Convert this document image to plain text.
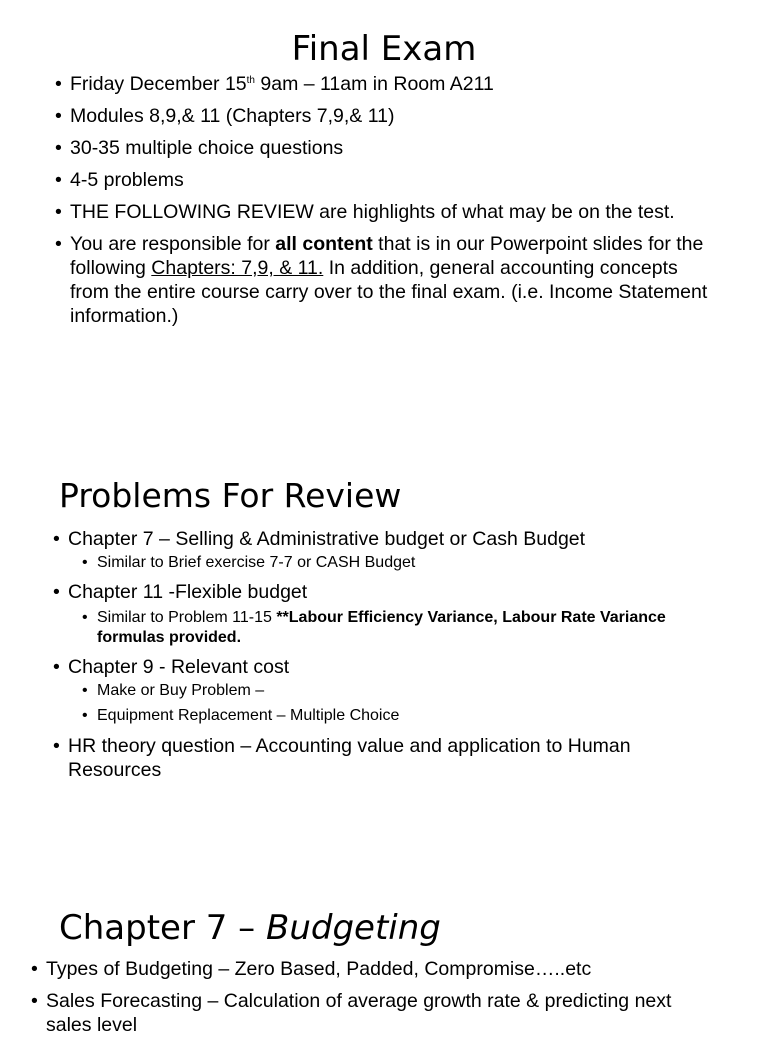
Final Exam
• Friday December 15th 9am – 11am in Room A211
• Modules 8,9,& 11 (Chapters 7,9,& 11)
• 30-35 multiple choice questions
• 4-5 problems
• THE FOLLOWING REVIEW are highlights of what may be on the test.
• You are responsible for all content that is in our Powerpoint slides for the following Chapters: 7,9, & 11. In addition, general accounting concepts from the entire course carry over to the final exam. (i.e. Income Statement information.)
Problems For Review
• Chapter 7 – Selling & Administrative budget or Cash Budget
• Similar to Brief exercise 7-7 or CASH Budget
• Chapter 11 -Flexible budget
• Similar to Problem 11-15 **Labour Efficiency Variance, Labour Rate Variance formulas provided.
• Chapter 9 - Relevant cost
• Make or Buy Problem –
• Equipment Replacement – Multiple Choice
• HR theory question – Accounting value and application to Human Resources
Chapter 7 – Budgeting
• Types of Budgeting – Zero Based, Padded, Compromise…..etc
• Sales Forecasting – Calculation of average growth rate & predicting next sales level
